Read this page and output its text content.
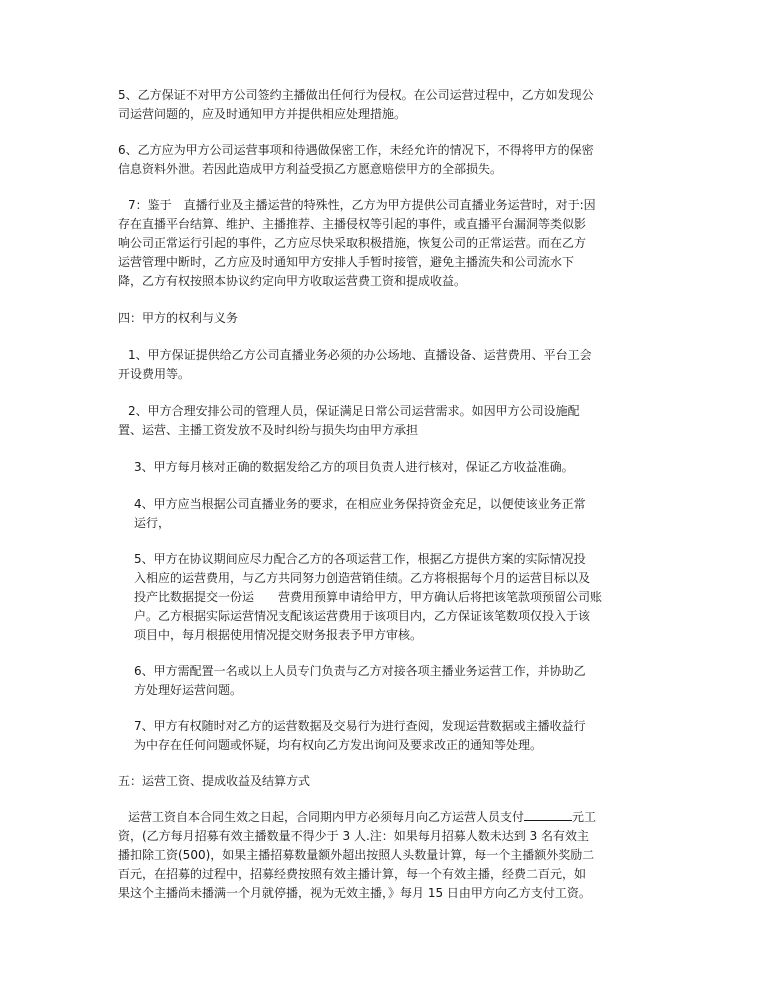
5、乙方保证不对甲方公司签约主播做出任何行为侵权。在公司运营过程中，乙方如发现公
司运营问题的，应及时通知甲方并提供相应处理措施。
6、乙方应为甲方公司运营事项和待遇做保密工作，未经允许的情况下，不得将甲方的保密
信息资料外泄。若因此造成甲方利益受损乙方愿意赔偿甲方的全部损失。
7：鉴于　直播行业及主播运营的特殊性，乙方为甲方提供公司直播业务运营时，对于:因
存在直播平台结算、维护、主播推荐、主播侵权等引起的事件，或直播平台漏洞等类似影
响公司正常运行引起的事件，乙方应尽快采取积极措施，恢复公司的正常运营。而在乙方
运营管理中断时，乙方应及时通知甲方安排人手暂时接管，避免主播流失和公司流水下
降，乙方有权按照本协议约定向甲方收取运营费工资和提成收益。
四：甲方的权利与义务
1、甲方保证提供给乙方公司直播业务必须的办公场地、直播设备、运营费用、平台工会
开设费用等。
2、甲方合理安排公司的管理人员，保证满足日常公司运营需求。如因甲方公司设施配
置、运营、主播工资发放不及时纠纷与损失均由甲方承担
3、甲方每月核对正确的数据发给乙方的项目负责人进行核对，保证乙方收益准确。
4、甲方应当根据公司直播业务的要求，在相应业务保持资金充足，以便使该业务正常
运行，
5、甲方在协议期间应尽力配合乙方的各项运营工作，根据乙方提供方案的实际情况投
入相应的运营费用，与乙方共同努力创造营销佳绩。乙方将根据每个月的运营目标以及
投产比数据提交一份运　　营费用预算申请给甲方，甲方确认后将把该笔款项预留公司账
户。乙方根据实际运营情况支配该运营费用于该项目内，乙方保证该笔数项仅投入于该
项目中，每月根据使用情况提交财务报表予甲方审核。
6、甲方需配置一名或以上人员专门负责与乙方对接各项主播业务运营工作，并协助乙
方处理好运营问题。
7、甲方有权随时对乙方的运营数据及交易行为进行查阅，发现运营数据或主播收益行
为中存在任何问题或怀疑，均有权向乙方发出询问及要求改正的通知等处理。
五：运营工资、提成收益及结算方式
运营工资自本合同生效之日起，合同期内甲方必须每月向乙方运营人员支付	元工
资，(乙方每月招募有效主播数量不得少于 3 人.注：如果每月招募人数未达到 3 名有效主
播扣除工资(500)，如果主播招募数量额外超出按照人头数量计算，每一个主播额外奖励二
百元，在招募的过程中，招募经费按照有效主播计算，每一个有效主播，经费二百元，如
果这个主播尚未播满一个月就停播，视为无效主播，》每月 15 日由甲方向乙方支付工资。
